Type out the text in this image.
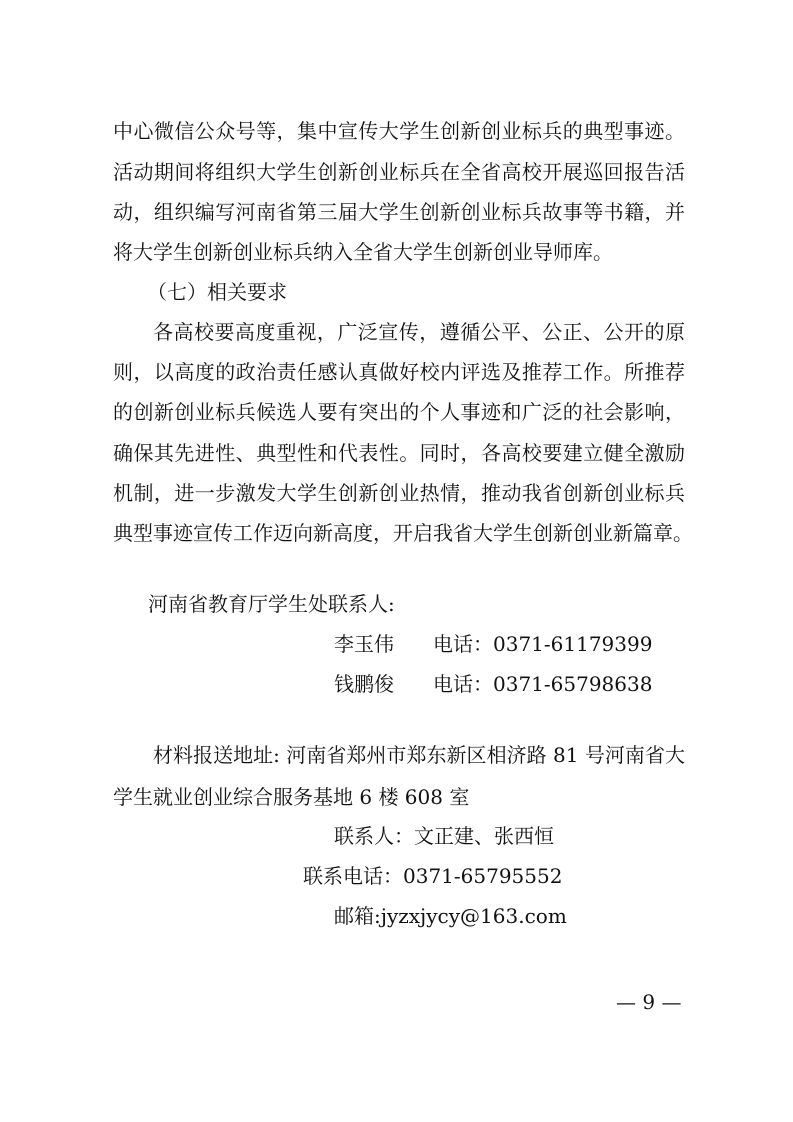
中心微信公众号等，集中宣传大学生创新创业标兵的典型事迹。
活动期间将组织大学生创新创业标兵在全省高校开展巡回报告活
动，组织编写河南省第三届大学生创新创业标兵故事等书籍，并
将大学生创新创业标兵纳入全省大学生创新创业导师库。
（七）相关要求
各高校要高度重视，广泛宣传，遵循公平、公正、公开的原
则，以高度的政治责任感认真做好校内评选及推荐工作。所推荐
的创新创业标兵候选人要有突出的个人事迹和广泛的社会影响，
确保其先进性、典型性和代表性。同时，各高校要建立健全激励
机制，进一步激发大学生创新创业热情，推动我省创新创业标兵
典型事迹宣传工作迈向新高度，开启我省大学生创新创业新篇章。
河南省教育厅学生处联系人:
李玉伟 电话：0371-61179399
钱鹏俊 电话：0371-65798638
材料报送地址: 河南省郑州市郑东新区相济路 81 号河南省大
学生就业创业综合服务基地 6 楼 608 室
联系人：文正建、张西恒
联系电话：0371-65795552
邮箱:jyzxjycy@163.com
— 9 —
